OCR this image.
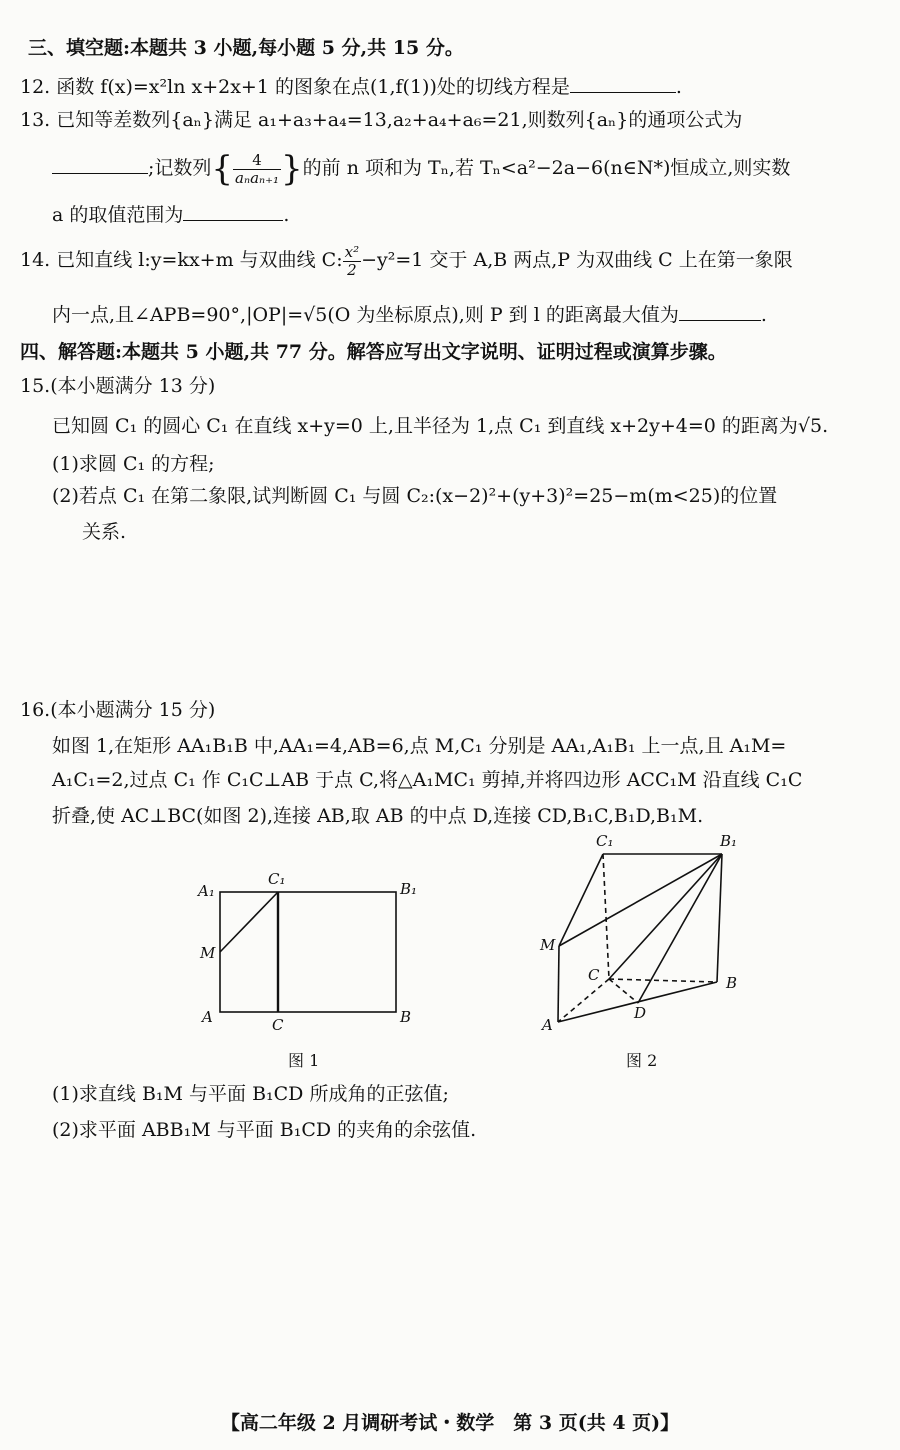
三、填空题:本题共 3 小题,每小题 5 分,共 15 分。
12. 函数 f(x)=x²ln x+2x+1 的图象在点(1,f(1))处的切线方程是	.
13. 已知等差数列{aₙ}满足 a₁+a₃+a₄=13,a₂+a₄+a₆=21,则数列{aₙ}的通项公式为
;记数列{ $\frac{4}{\text{aₙaₙ₊₁}}$ }的前 n 项和为 Tₙ,若 Tₙ<a²−2a−6(n∈N*)恒成立,则实数
a 的取值范围为	.
14. 已知直线 l:y=kx+m 与双曲线 C: $\frac{\text{x²}}{2} -y^2=1$ 交于 A,B 两点,P 为双曲线 C 上在第一象限
内一点,且∠APB=90°,|OP|=√5(O 为坐标原点),则 P 到 l 的距离最大值为	.
四、解答题:本题共 5 小题,共 77 分。解答应写出文字说明、证明过程或演算步骤。
15.(本小题满分 13 分)
已知圆 C₁ 的圆心 C₁ 在直线 x+y=0 上,且半径为 1,点 C₁ 到直线 x+2y+4=0 的距离为√5.
(1)求圆 C₁ 的方程;
(2)若点 C₁ 在第二象限,试判断圆 C₁ 与圆 C₂:(x−2)²+(y+3)²=25−m(m<25)的位置
关系.
16.(本小题满分 15 分)
如图 1,在矩形 AA₁B₁B 中,AA₁=4,AB=6,点 M,C₁ 分别是 AA₁,A₁B₁ 上一点,且 A₁M=
A₁C₁=2,过点 C₁ 作 C₁C⊥AB 于点 C,将△A₁MC₁ 剪掉,并将四边形 ACC₁M 沿直线 C₁C
折叠,使 AC⊥BC(如图 2),连接 AB,取 AB 的中点 D,连接 CD,B₁C,B₁D,B₁M.
A₁
C₁
B₁
M
A	C	B
图 1
C₁	B₁
M
C	B
A
D
图 2
(1)求直线 B₁M 与平面 B₁CD 所成角的正弦值;
(2)求平面 ABB₁M 与平面 B₁CD 的夹角的余弦值.
【高二年级 2 月调研考试・数学　第 3 页(共 4 页)】
